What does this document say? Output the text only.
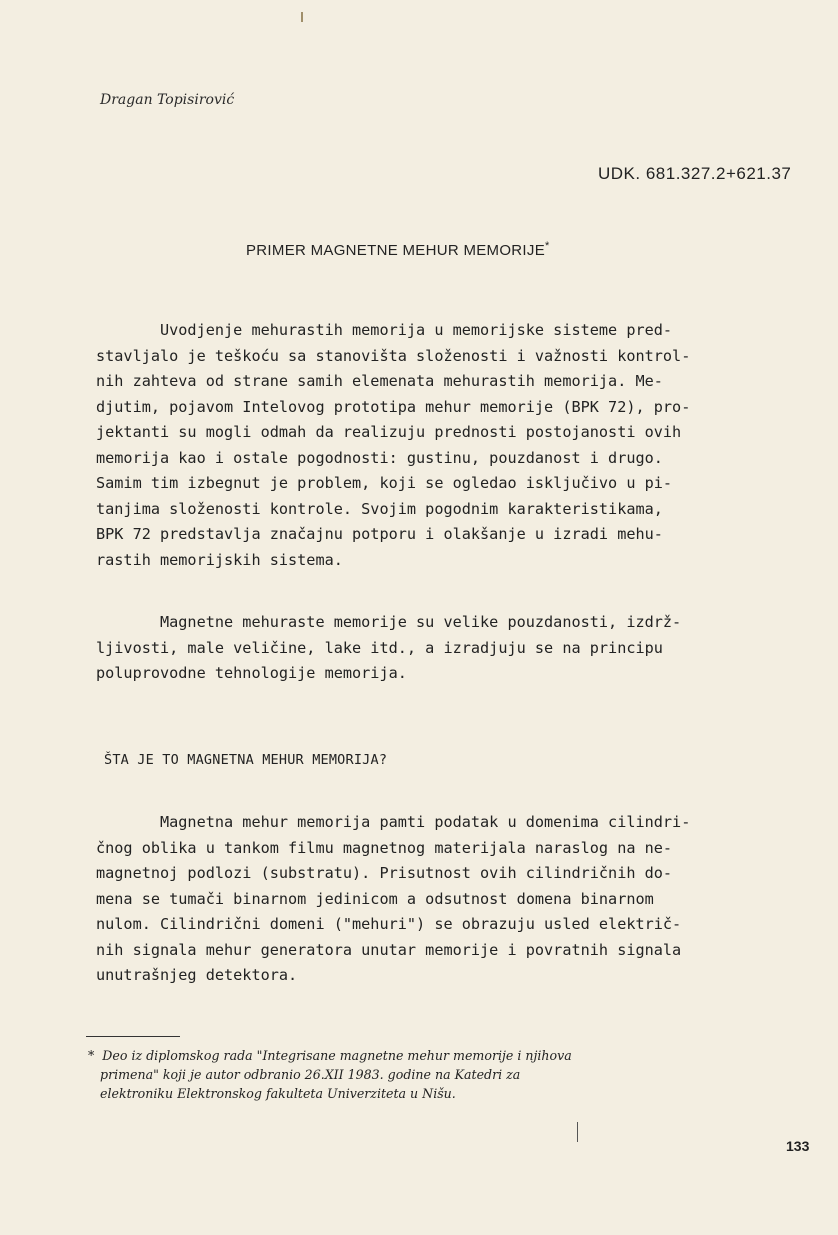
Dragan Topisirović
UDK. 681.327.2+621.37
PRIMER MAGNETNE MEHUR MEMORIJE*
Uvodjenje mehurastih memorija u memorijske sisteme pred-
stavljalo je teškoću sa stanovišta složenosti i važnosti kontrol-
nih zahteva od strane samih elemenata mehurastih memorija. Me-
djutim, pojavom Intelovog prototipa mehur memorije (BPK 72), pro-
jektanti su mogli odmah da realizuju prednosti postojanosti ovih
memorija kao i ostale pogodnosti: gustinu, pouzdanost i drugo.
Samim tim izbegnut je problem, koji se ogledao isključivo u pi-
tanjima složenosti kontrole. Svojim pogodnim karakteristikama,
BPK 72 predstavlja značajnu potporu i olakšanje u izradi mehu-
rastih memorijskih sistema.
Magnetne mehuraste memorije su velike pouzdanosti, izdrž-
ljivosti, male veličine, lake itd., a izradjuju se na principu
poluprovodne tehnologije memorija.
ŠTA JE TO MAGNETNA MEHUR MEMORIJA?
Magnetna mehur memorija pamti podatak u domenima cilindri-
čnog oblika u tankom filmu magnetnog materijala naraslog na ne-
magnetnoj podlozi (substratu). Prisutnost ovih cilindričnih do-
mena se tumači binarnom jedinicom a odsutnost domena binarnom
nulom. Cilindrični domeni ("mehuri") se obrazuju usled električ-
nih signala mehur generatora unutar memorije i povratnih signala
unutrašnjeg detektora.
*  Deo iz diplomskog rada "Integrisane magnetne mehur memorije i njihova
primena" koji je autor odbranio 26.XII 1983. godine na Katedri za
elektroniku Elektronskog fakulteta Univerziteta u Nišu.
133
